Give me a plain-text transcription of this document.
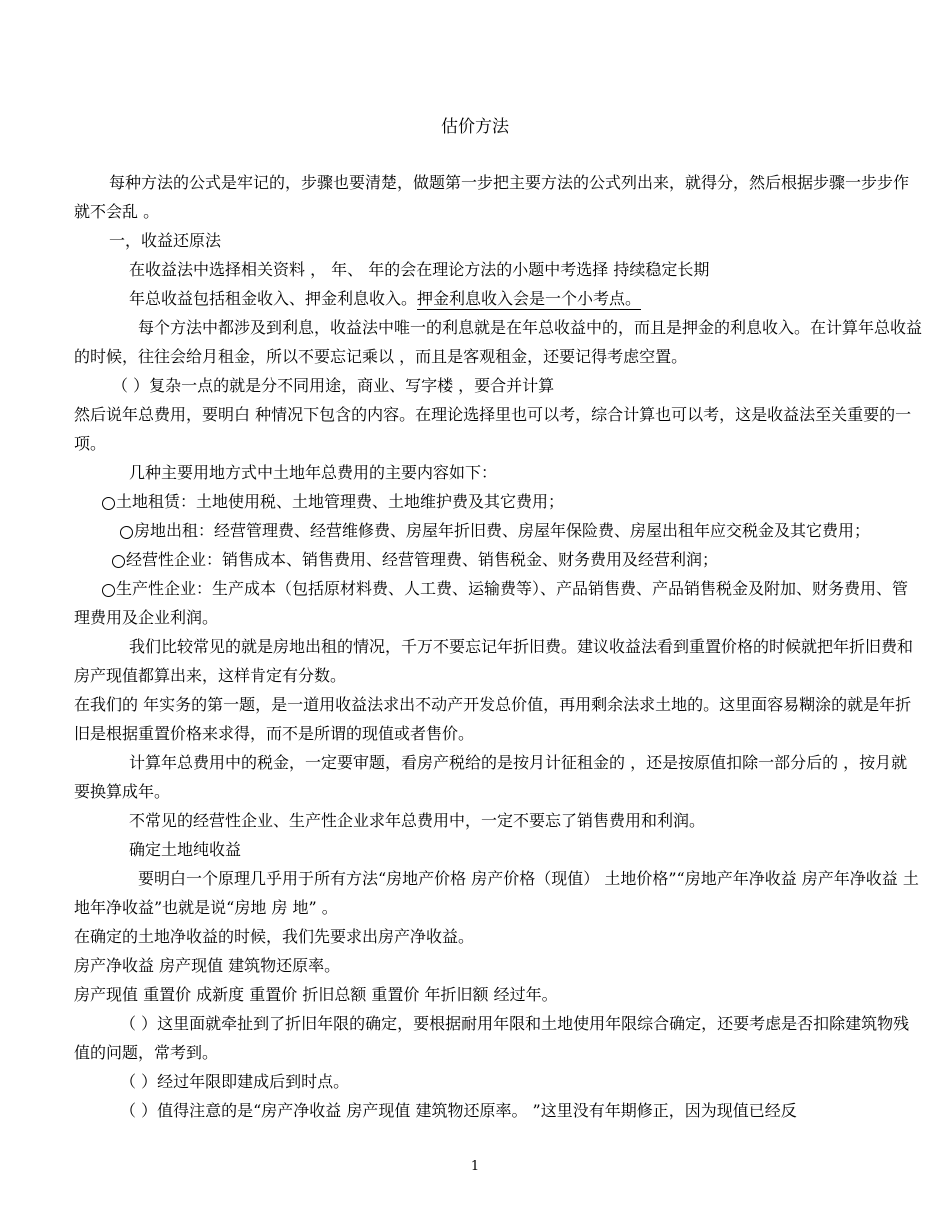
估价方法

每种方法的公式是牢记的，步骤也要清楚，做题第一步把主要方法的公式列出来，就得分，然后根据步骤一步步作就不会乱 。

一，收益还原法

在收益法中选择相关资料 ， 年、 年的会在理论方法的小题中考选择 持续稳定长期

年总收益包括租金收入、押金利息收入。押金利息收入会是一个小考点。

每个方法中都涉及到利息，收益法中唯一的利息就是在年总收益中的，而且是押金的利息收入。在计算年总收益的时候，往往会给月租金，所以不要忘记乘以 ，而且是客观租金，还要记得考虑空置。

（ ）复杂一点的就是分不同用途，商业、写字楼 ，要合并计算

然后说年总费用，要明白 种情况下包含的内容。在理论选择里也可以考，综合计算也可以考，这是收益法至关重要的一项。

几种主要用地方式中土地年总费用的主要内容如下：

土地租赁：土地使用税、土地管理费、土地维护费及其它费用；

房地出租：经营管理费、经营维修费、房屋年折旧费、房屋年保险费、房屋出租年应交税金及其它费用；

经营性企业：销售成本、销售费用、经营管理费、销售税金、财务费用及经营利润；

生产性企业：生产成本（包括原材料费、人工费、运输费等）、产品销售费、产品销售税金及附加、财务费用、管理费用及企业利润。

我们比较常见的就是房地出租的情况，千万不要忘记年折旧费。建议收益法看到重置价格的时候就把年折旧费和房产现值都算出来，这样肯定有分数。

在我们的 年实务的第一题，是一道用收益法求出不动产开发总价值，再用剩余法求土地的。这里面容易糊涂的就是年折旧是根据重置价格来求得，而不是所谓的现值或者售价。

计算年总费用中的税金，一定要审题，看房产税给的是按月计征租金的 ，还是按原值扣除一部分后的 ，按月就要换算成年。

不常见的经营性企业、生产性企业求年总费用中，一定不要忘了销售费用和利润。

确定土地纯收益

要明白一个原理几乎用于所有方法“房地产价格 房产价格（现值） 土地价格”“房地产年净收益 房产年净收益 土地年净收益”也就是说“房地 房 地” 。

在确定的土地净收益的时候，我们先要求出房产净收益。

房产净收益 房产现值 建筑物还原率。

房产现值 重置价 成新度 重置价 折旧总额 重置价 年折旧额 经过年。

（ ）这里面就牵扯到了折旧年限的确定，要根据耐用年限和土地使用年限综合确定，还要考虑是否扣除建筑物残值的问题，常考到。

（ ）经过年限即建成后到时点。

（ ）值得注意的是“房产净收益 房产现值 建筑物还原率。 ”这里没有年期修正，因为现值已经反

1
